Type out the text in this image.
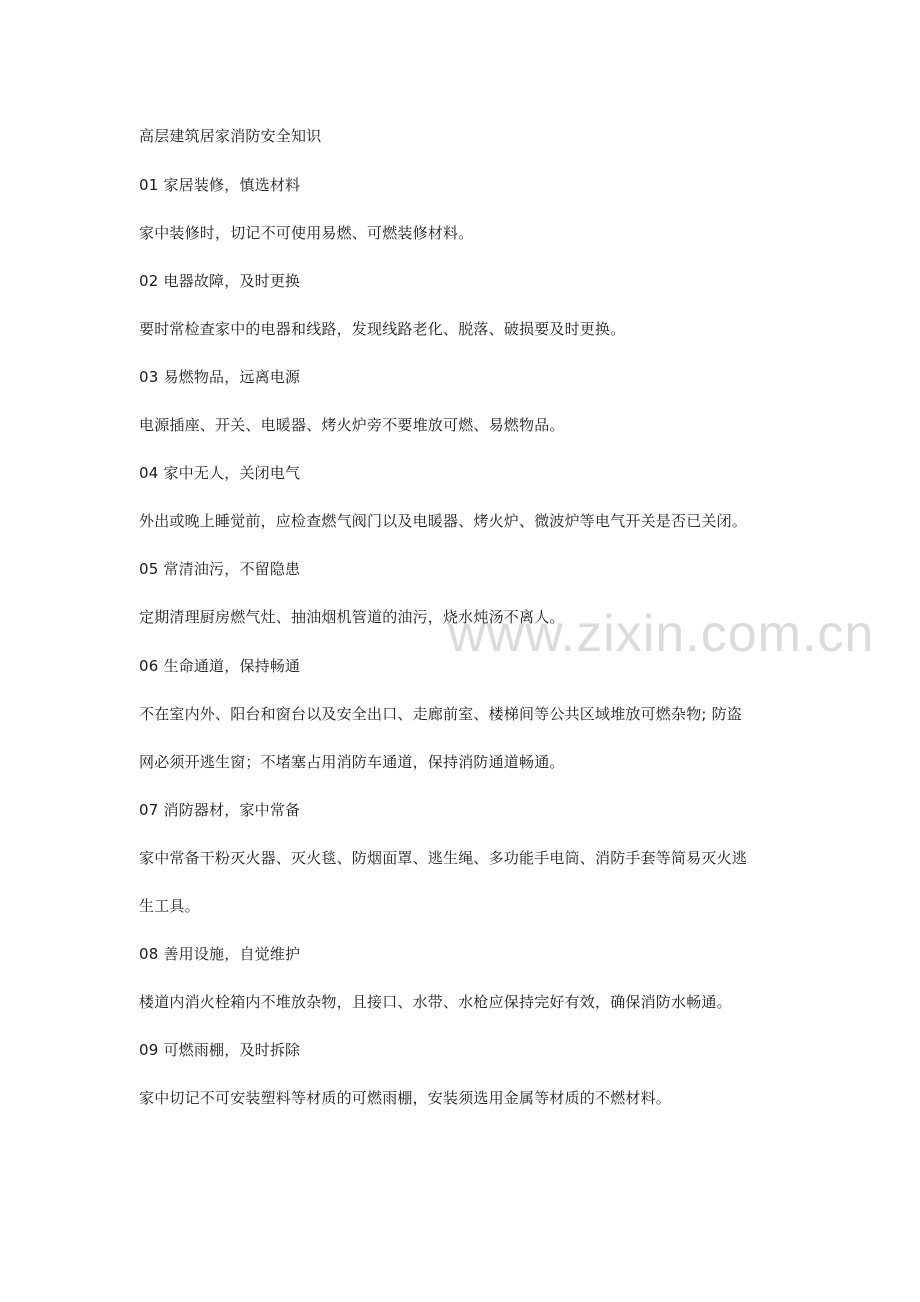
高层建筑居家消防安全知识
01 家居装修，慎选材料
家中装修时，切记不可使用易燃、可燃装修材料。
02 电器故障，及时更换
要时常检查家中的电器和线路，发现线路老化、脱落、破损要及时更换。
03 易燃物品，远离电源
电源插座、开关、电暖器、烤火炉旁不要堆放可燃、易燃物品。
04 家中无人，关闭电气
外出或晚上睡觉前，应检查燃气阀门以及电暖器、烤火炉、微波炉等电气开关是否已关闭。
05 常清油污，不留隐患
定期清理厨房燃气灶、抽油烟机管道的油污，烧水炖汤不离人。
06 生命通道，保持畅通
不在室内外、阳台和窗台以及安全出口、走廊前室、楼梯间等公共区域堆放可燃杂物; 防盗
网必须开逃生窗；不堵塞占用消防车通道，保持消防通道畅通。
07 消防器材，家中常备
家中常备干粉灭火器、灭火毯、防烟面罩、逃生绳、多功能手电筒、消防手套等简易灭火逃
生工具。
08 善用设施，自觉维护
楼道内消火栓箱内不堆放杂物，且接口、水带、水枪应保持完好有效，确保消防水畅通。
09 可燃雨棚，及时拆除
家中切记不可安装塑料等材质的可燃雨棚，安装须选用金属等材质的不燃材料。
www.zixin.com.cn
